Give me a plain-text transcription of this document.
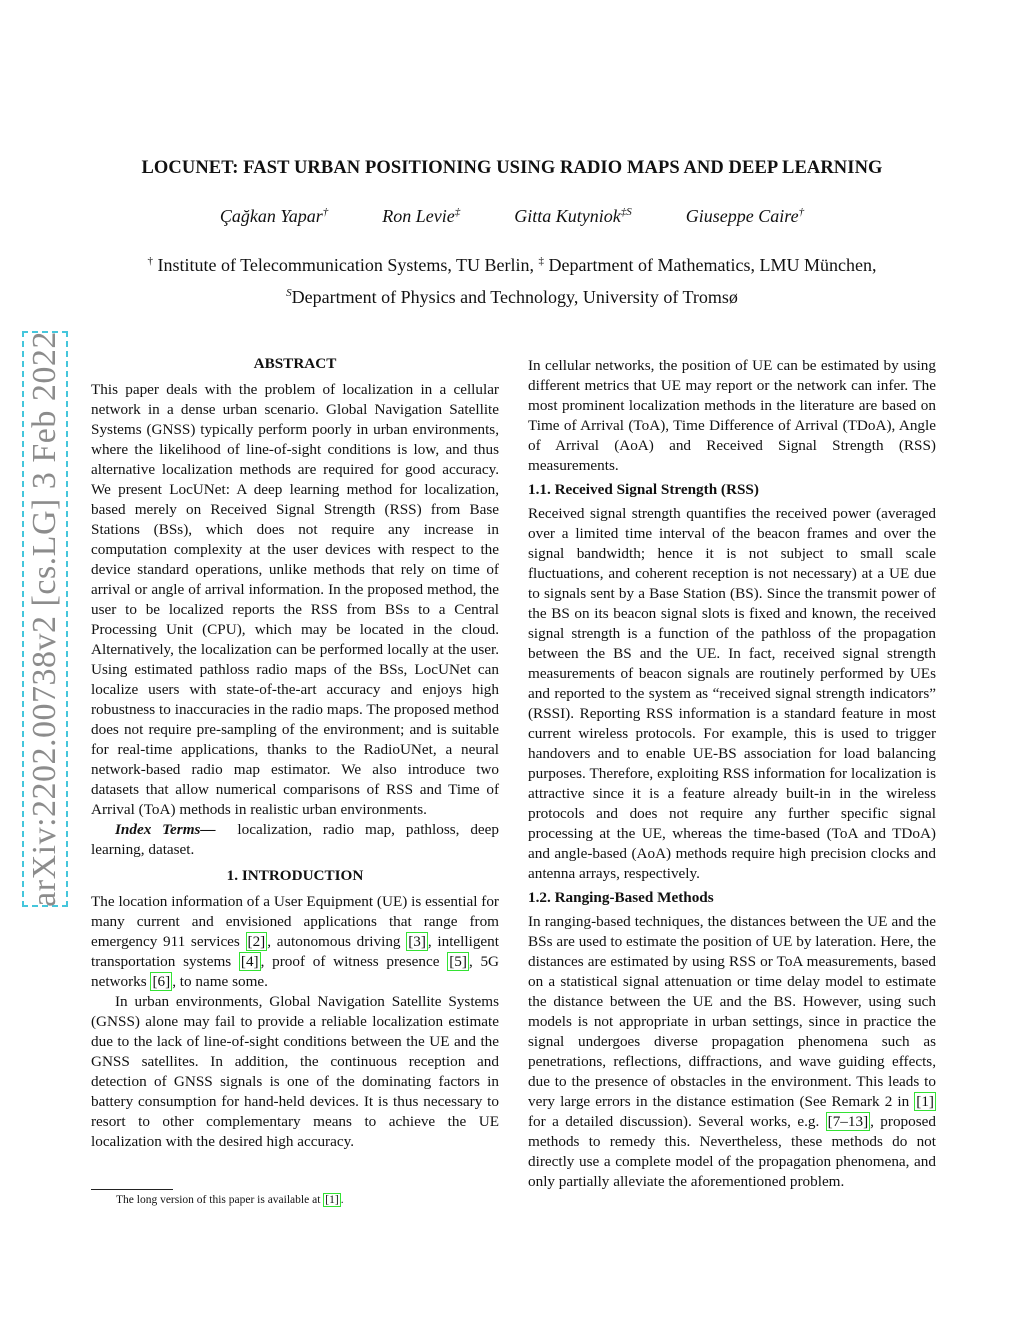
arXiv:2202.00738v2 [cs.LG] 3 Feb 2022
LOCUNET: FAST URBAN POSITIONING USING RADIO MAPS AND DEEP LEARNING
Çağkan Yapar†	Ron Levie‡	Gitta Kutyniok$^{\ddagger S}$	Giuseppe Caire†
† Institute of Telecommunication Systems, TU Berlin, ‡ Department of Mathematics, LMU München,
$^S$Department of Physics and Technology, University of Tromsø

ABSTRACT

This paper deals with the problem of localization in a cellular network in a dense urban scenario. Global Navigation Satellite Systems (GNSS) typically perform poorly in urban environments, where the likelihood of line-of-sight conditions is low, and thus alternative localization methods are required for good accuracy. We present LocUNet: A deep learning method for localization, based merely on Received Signal Strength (RSS) from Base Stations (BSs), which does not require any increase in computation complexity at the user devices with respect to the device standard operations, unlike methods that rely on time of arrival or angle of arrival information. In the proposed method, the user to be localized reports the RSS from BSs to a Central Processing Unit (CPU), which may be located in the cloud. Alternatively, the localization can be performed locally at the user. Using estimated pathloss radio maps of the BSs, LocUNet can localize users with state-of-the-art accuracy and enjoys high robustness to inaccuracies in the radio maps. The proposed method does not require pre-sampling of the environment; and is suitable for real-time applications, thanks to the RadioUNet, a neural network-based radio map estimator. We also introduce two datasets that allow numerical comparisons of RSS and Time of Arrival (ToA) methods in realistic urban environments.

Index Terms— localization, radio map, pathloss, deep learning, dataset.

1. INTRODUCTION

The location information of a User Equipment (UE) is essential for many current and envisioned applications that range from emergency 911 services [2] , autonomous driving [3] , intelligent transportation systems [4] , proof of witness presence [5] , 5G networks [6] , to name some.

In urban environments, Global Navigation Satellite Systems (GNSS) alone may fail to provide a reliable localization estimate due to the lack of line-of-sight conditions between the UE and the GNSS satellites. In addition, the continuous reception and detection of GNSS signals is one of the dominating factors in battery consumption for hand-held devices. It is thus necessary to resort to other complementary means to achieve the UE localization with the desired high accuracy.

In cellular networks, the position of UE can be estimated by using different metrics that UE may report or the network can infer. The most prominent localization methods in the literature are based on Time of Arrival (ToA), Time Difference of Arrival (TDoA), Angle of Arrival (AoA) and Received Signal Strength (RSS) measurements.

1.1. Received Signal Strength (RSS)

Received signal strength quantifies the received power (averaged over a limited time interval of the beacon frames and over the signal bandwidth; hence it is not subject to small scale fluctuations, and coherent reception is not necessary) at a UE due to signals sent by a Base Station (BS). Since the transmit power of the BS on its beacon signal slots is fixed and known, the received signal strength is a function of the pathloss of the propagation between the BS and the UE. In fact, received signal strength measurements of beacon signals are routinely performed by UEs and reported to the system as “received signal strength indicators” (RSSI). Reporting RSS information is a standard feature in most current wireless protocols. For example, this is used to trigger handovers and to enable UE-BS association for load balancing purposes. Therefore, exploiting RSS information for localization is attractive since it is a feature already built-in in the wireless protocols and does not require any further specific signal processing at the UE, whereas the time-based (ToA and TDoA) and angle-based (AoA) methods require high precision clocks and antenna arrays, respectively.

1.2. Ranging-Based Methods

In ranging-based techniques, the distances between the UE and the BSs are used to estimate the position of UE by lateration. Here, the distances are estimated by using RSS or ToA measurements, based on a statistical signal attenuation or time delay model to estimate the distance between the UE and the BS. However, using such models is not appropriate in urban settings, since in practice the signal undergoes diverse propagation phenomena such as penetrations, reflections, diffractions, and wave guiding effects, due to the presence of obstacles in the environment. This leads to very large errors in the distance estimation (See Remark 2 in [1] for a detailed discussion). Several works, e.g. [7–13] , proposed methods to remedy this. Nevertheless, these methods do not directly use a complete model of the propagation phenomena, and only partially alleviate the aforementioned problem.

The long version of this paper is available at [1] .
